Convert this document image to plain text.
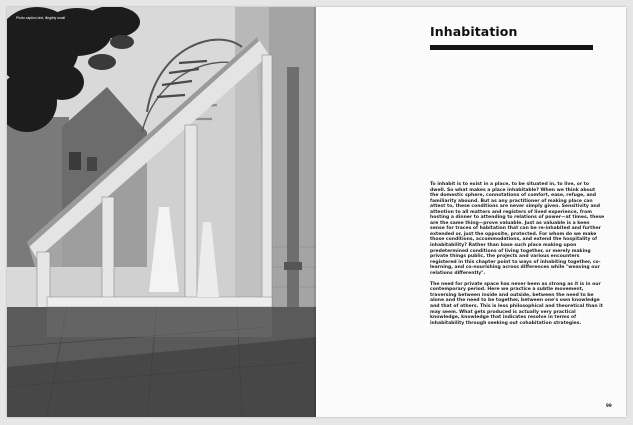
Photo caption text, illegibly small
Inhabitation

To inhabit is to exist in a place, to be situated in, to live, or to dwell. So what makes a place inhabitable? When we think about the domestic sphere, connotations of comfort, ease, refuge, and familiarity abound. But as any practitioner of making place can attest to, these conditions are never simply given. Sensitivity and attention to all matters and registers of lived experience, from hosting a dinner to attending to relations of power—at times, these are the same thing—prove valuable. Just as valuable is a keen sense for traces of habitation that can be re-inhabited and further extended or, just the opposite, protected. For whom do we make those conditions, accommodations, and extend the hospitality of inhabitability? Rather than base such place making upon predetermined conditions of living together, or merely making private things public, the projects and various encounters registered in this chapter point to ways of inhabiting together, co-learning, and co-nourishing across differences while "weaving our relations differently".

The need for private space has never been as strong as it is in our contemporary period. Here we practice a subtle movement, traversing between inside and outside, between the need to be alone and the need to be together, between one's own knowledge and that of others. This is less philosophical and theoretical than it may seem. What gets produced is actually very practical knowledge, knowledge that indicates resolve in terms of inhabitability through seeking out cohabitation strategies.

99
